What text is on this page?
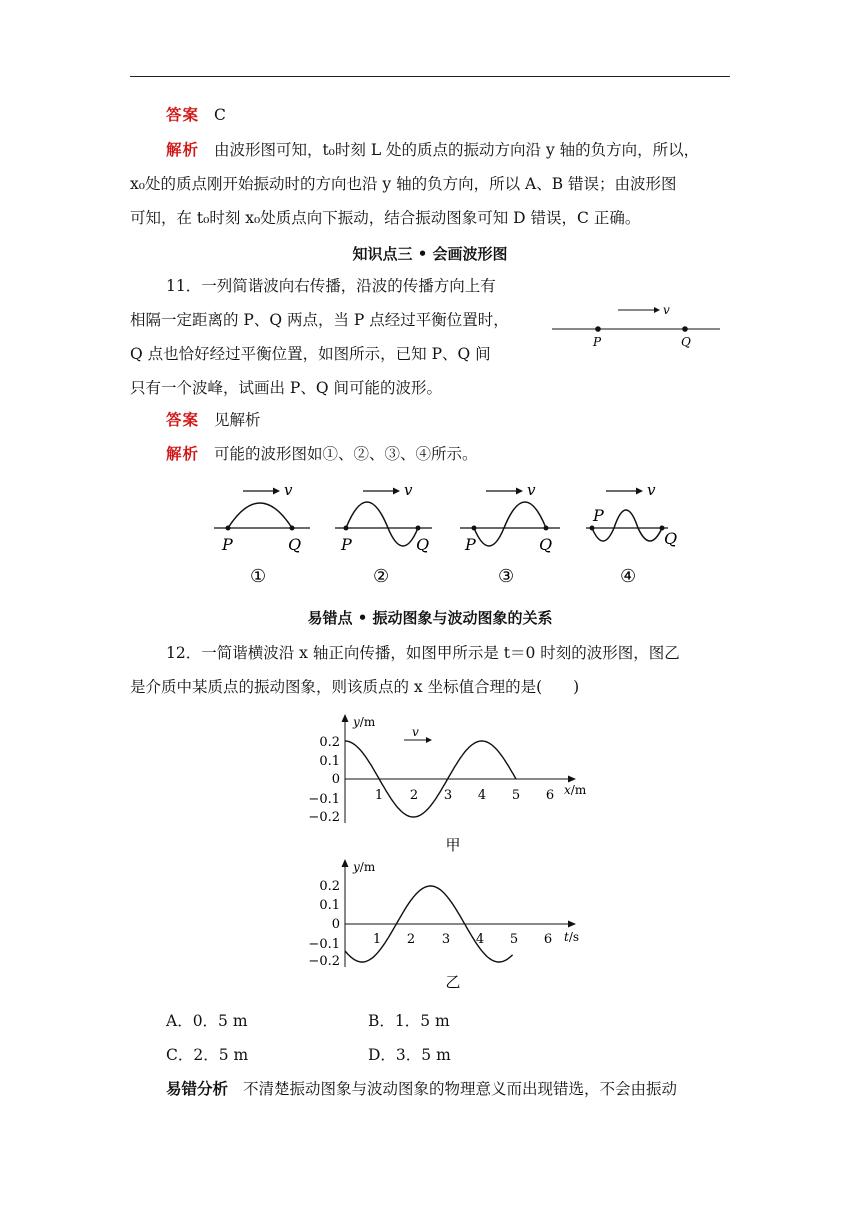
答案 C
解析 由波形图可知，t₀时刻 L 处的质点的振动方向沿 y 轴的负方向，所以，
x₀处的质点刚开始振动时的方向也沿 y 轴的负方向，所以 A、B 错误；由波形图
可知，在 t₀时刻 x₀处质点向下振动，结合振动图象可知 D 错误，C 正确。
知识点三 • 会画波形图
11．一列简谐波向右传播，沿波的传播方向上有
相隔一定距离的 P、Q 两点，当 P 点经过平衡位置时，
Q 点也恰好经过平衡位置，如图所示，已知 P、Q 间
只有一个波峰，试画出 P、Q 间可能的波形。
v
P	Q
答案 见解析
解析 可能的波形图如①、②、③、④所示。
v
P	Q
①
v
P	Q
②
v
P	Q
③
v
P
Q
④
易错点 • 振动图象与波动图象的关系
12．一简谐横波沿 x 轴正向传播，如图甲所示是 t＝0 时刻的波形图，图乙
是介质中某质点的振动图象，则该质点的 x 坐标值合理的是(　　)
y/m
x/m
0.2
0.1
0
−0.1
−0.2
1 2 3 4 5 6
v
甲
y/m
t/s
0.2
0.1
0
−0.1
−0.2
1 2 3 4 5 6
乙
A．0．5 m	B．1．5 m
C．2．5 m	D．3．5 m
易错分析 不清楚振动图象与波动图象的物理意义而出现错选，不会由振动
